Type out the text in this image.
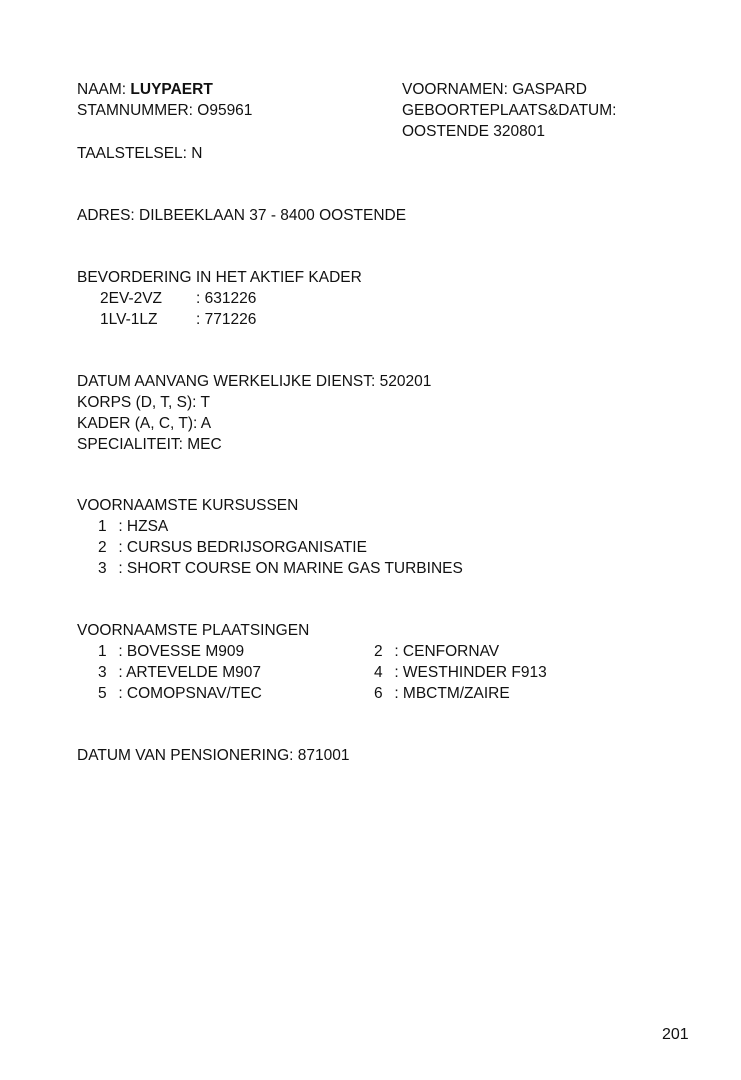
NAAM: LUYPAERT
STAMNUMMER: O95961
VOORNAMEN: GASPARD
GEBOORTEPLAATS&DATUM:
OOSTENDE 320801
TAALSTELSEL: N
ADRES: DILBEEKLAAN 37 - 8400 OOSTENDE
BEVORDERING IN HET AKTIEF KADER
2EV-2VZ : 631226
1LV-1LZ : 771226
DATUM AANVANG WERKELIJKE DIENST: 520201
KORPS (D, T, S): T
KADER (A, C, T): A
SPECIALITEIT: MEC
VOORNAAMSTE KURSUSSEN
1 : HZSA
2 : CURSUS BEDRIJSORGANISATIE
3 : SHORT COURSE ON MARINE GAS TURBINES
VOORNAAMSTE PLAATSINGEN
1 : BOVESSE M909	2 : CENFORNAV
3 : ARTEVELDE M907	4 : WESTHINDER F913
5 : COMOPSNAV/TEC	6 : MBCTM/ZAIRE
DATUM VAN PENSIONERING: 871001
201
